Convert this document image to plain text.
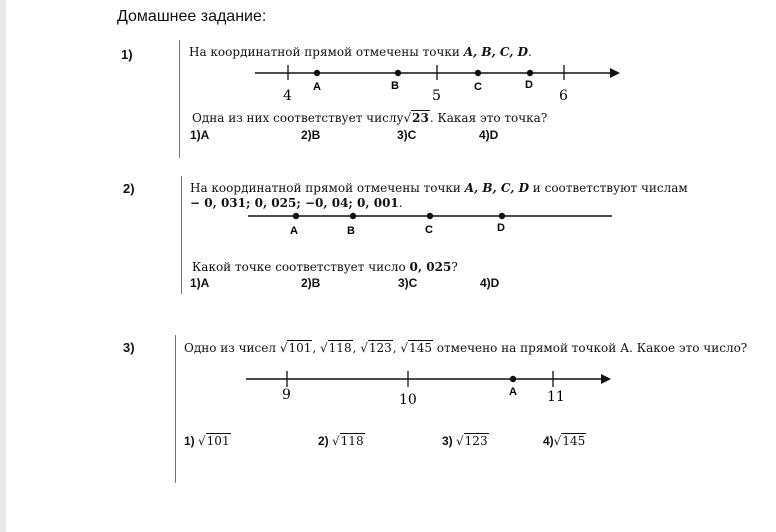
Домашнее задание:
1)	На координатной прямой отмечены точки A, B, C, D.
A	B	C	D
4	5	6
A	B	C	D
A
9	10	11
Одна из них соответствует числу√23. Какая это точка?
1)A	2)B	3)C	4)D
2)	На координатной прямой отмечены точки A, B, C, D и соответствуют числам
− 0, 031; 0, 025; −0, 04; 0, 001.
Какой точке соответствует число 0, 025?
1)A	2)B	3)C	4)D
3)	Одно из чисел √101, √118, √123, √145 отмечено на прямой точкой А. Какое это число?
1) √101	2) √118	3) √123	4)√145
